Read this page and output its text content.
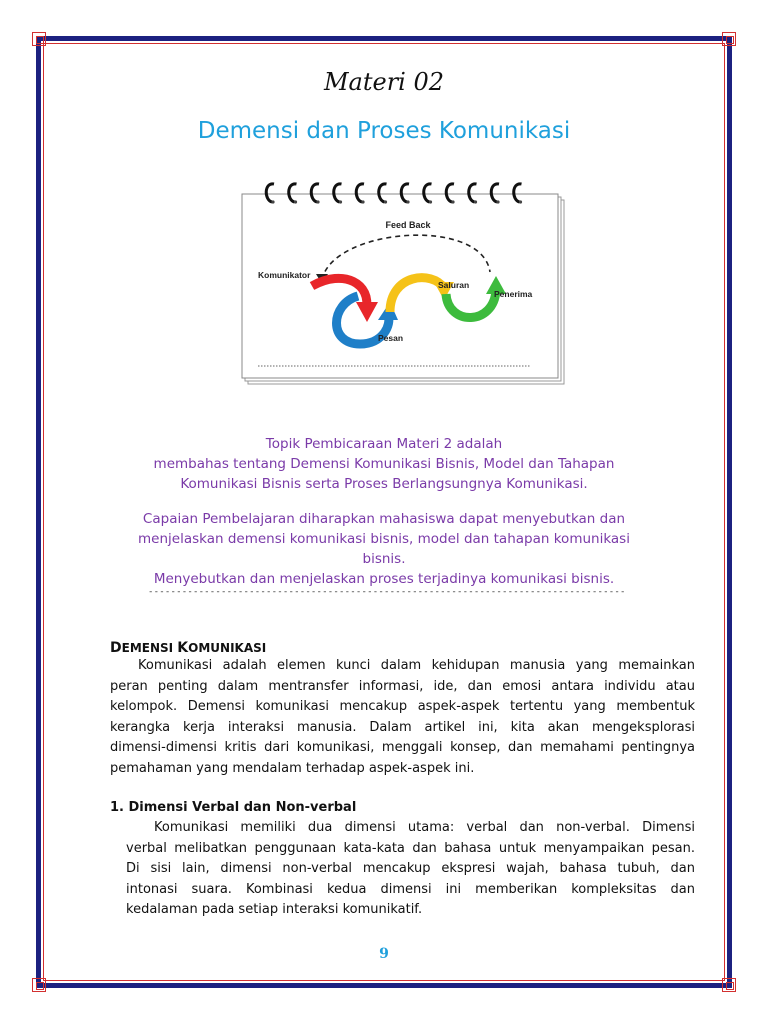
Materi 02
Demensi dan Proses Komunikasi
Feed Back
Komunikator
Saluran
Penerima
Pesan
Topik Pembicaraan Materi 2 adalah
membahas tentang Demensi Komunikasi Bisnis, Model dan Tahapan
Komunikasi Bisnis serta Proses Berlangsungnya Komunikasi.
Capaian Pembelajaran diharapkan mahasiswa dapat menyebutkan dan
menjelaskan demensi komunikasi bisnis, model dan tahapan komunikasi bisnis.
Menyebutkan dan menjelaskan proses terjadinya komunikasi bisnis.
-------------------------------------------------------------------------------------
DEMENSI KOMUNIKASI
Komunikasi adalah elemen kunci dalam kehidupan manusia yang memainkan
peran penting dalam mentransfer informasi, ide, dan emosi antara individu atau
kelompok. Demensi komunikasi mencakup aspek-aspek tertentu yang membentuk
kerangka kerja interaksi manusia. Dalam artikel ini, kita akan mengeksplorasi
dimensi-dimensi kritis dari komunikasi, menggali konsep, dan memahami pentingnya
pemahaman yang mendalam terhadap aspek-aspek ini.
1. Dimensi Verbal dan Non-verbal
Komunikasi memiliki dua dimensi utama: verbal dan non-verbal. Dimensi
verbal melibatkan penggunaan kata-kata dan bahasa untuk menyampaikan pesan.
Di sisi lain, dimensi non-verbal mencakup ekspresi wajah, bahasa tubuh, dan
intonasi suara. Kombinasi kedua dimensi ini memberikan kompleksitas dan
kedalaman pada setiap interaksi komunikatif.
9
